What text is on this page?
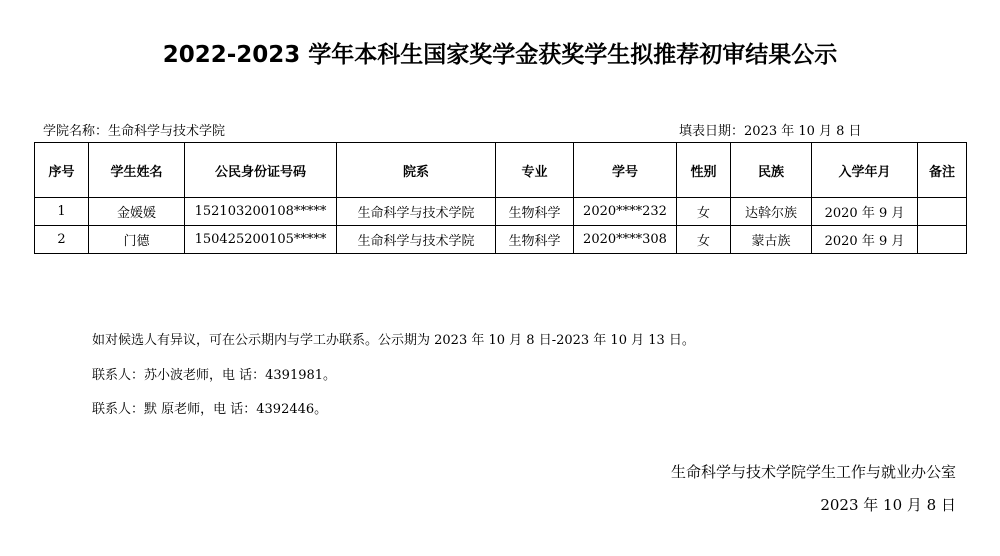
2022-2023 学年本科生国家奖学金获奖学生拟推荐初审结果公示
学院名称：生命科学与技术学院	填表日期：2023 年 10 月 8 日
序号	学生姓名	公民身份证号码	院系	专业	学号	性别	民族	入学年月	备注
1	金媛媛	152103200108*****	生命科学与技术学院	生物科学	2020****232	女	达斡尔族	2020 年 9 月	
2	门德	150425200105*****	生命科学与技术学院	生物科学	2020****308	女	蒙古族	2020 年 9 月	
如对候选人有异议，可在公示期内与学工办联系。公示期为 2023 年 10 月 8 日-2023 年 10 月 13 日。
联系人：苏小波老师，电 话：4391981。
联系人：默 原老师，电 话：4392446。
生命科学与技术学院学生工作与就业办公室
2023 年 10 月 8 日
